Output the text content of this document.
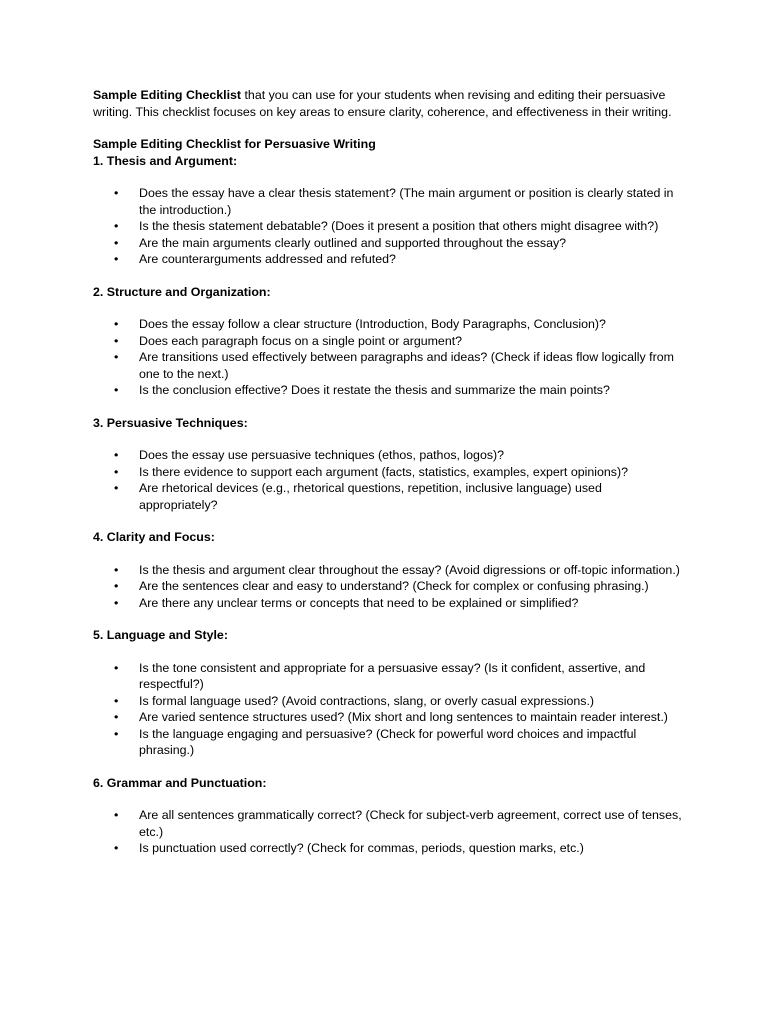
Sample Editing Checklist that you can use for your students when revising and editing their persuasive writing. This checklist focuses on key areas to ensure clarity, coherence, and effectiveness in their writing.

Sample Editing Checklist for Persuasive Writing

1. Thesis and Argument:

• Does the essay have a clear thesis statement? (The main argument or position is clearly stated in the introduction.)
• Is the thesis statement debatable? (Does it present a position that others might disagree with?)
• Are the main arguments clearly outlined and supported throughout the essay?
• Are counterarguments addressed and refuted?

2. Structure and Organization:

• Does the essay follow a clear structure (Introduction, Body Paragraphs, Conclusion)?
• Does each paragraph focus on a single point or argument?
• Are transitions used effectively between paragraphs and ideas? (Check if ideas flow logically from one to the next.)
• Is the conclusion effective? Does it restate the thesis and summarize the main points?

3. Persuasive Techniques:

• Does the essay use persuasive techniques (ethos, pathos, logos)?
• Is there evidence to support each argument (facts, statistics, examples, expert opinions)?
• Are rhetorical devices (e.g., rhetorical questions, repetition, inclusive language) used appropriately?

4. Clarity and Focus:

• Is the thesis and argument clear throughout the essay? (Avoid digressions or off-topic information.)
• Are the sentences clear and easy to understand? (Check for complex or confusing phrasing.)
• Are there any unclear terms or concepts that need to be explained or simplified?

5. Language and Style:

• Is the tone consistent and appropriate for a persuasive essay? (Is it confident, assertive, and respectful?)
• Is formal language used? (Avoid contractions, slang, or overly casual expressions.)
• Are varied sentence structures used? (Mix short and long sentences to maintain reader interest.)
• Is the language engaging and persuasive? (Check for powerful word choices and impactful phrasing.)

6. Grammar and Punctuation:

• Are all sentences grammatically correct? (Check for subject-verb agreement, correct use of tenses, etc.)
• Is punctuation used correctly? (Check for commas, periods, question marks, etc.)
